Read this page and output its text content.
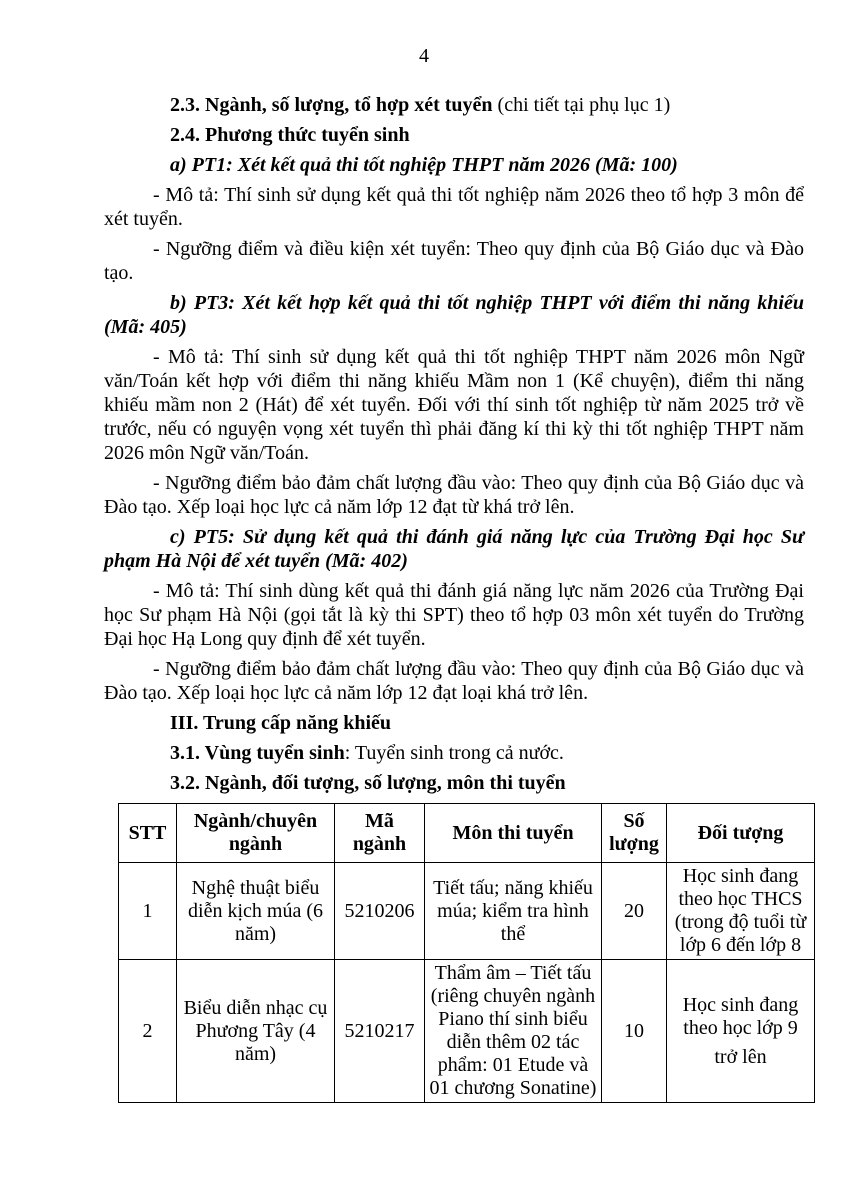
4

2.3. Ngành, số lượng, tổ hợp xét tuyển (chi tiết tại phụ lục 1)

2.4. Phương thức tuyển sinh

a) PT1: Xét kết quả thi tốt nghiệp THPT năm 2026 (Mã: 100)

- Mô tả: Thí sinh sử dụng kết quả thi tốt nghiệp năm 2026 theo tổ hợp 3 môn để xét tuyển.

- Ngưỡng điểm và điều kiện xét tuyển: Theo quy định của Bộ Giáo dục và Đào tạo.

b) PT3: Xét kết hợp kết quả thi tốt nghiệp THPT với điểm thi năng khiếu (Mã: 405)

- Mô tả: Thí sinh sử dụng kết quả thi tốt nghiệp THPT năm 2026 môn Ngữ văn/Toán kết hợp với điểm thi năng khiếu Mầm non 1 (Kể chuyện), điểm thi năng khiếu mầm non 2 (Hát) để xét tuyển. Đối với thí sinh tốt nghiệp từ năm 2025 trở về trước, nếu có nguyện vọng xét tuyển thì phải đăng kí thi kỳ thi tốt nghiệp THPT năm 2026 môn Ngữ văn/Toán.

- Ngưỡng điểm bảo đảm chất lượng đầu vào: Theo quy định của Bộ Giáo dục và Đào tạo. Xếp loại học lực cả năm lớp 12 đạt từ khá trở lên.

c) PT5: Sử dụng kết quả thi đánh giá năng lực của Trường Đại học Sư phạm Hà Nội để xét tuyển (Mã: 402)

- Mô tả: Thí sinh dùng kết quả thi đánh giá năng lực năm 2026 của Trường Đại học Sư phạm Hà Nội (gọi tắt là kỳ thi SPT) theo tổ hợp 03 môn xét tuyển do Trường Đại học Hạ Long quy định để xét tuyển.

- Ngưỡng điểm bảo đảm chất lượng đầu vào: Theo quy định của Bộ Giáo dục và Đào tạo. Xếp loại học lực cả năm lớp 12 đạt loại khá trở lên.

III. Trung cấp năng khiếu

3.1. Vùng tuyển sinh: Tuyển sinh trong cả nước.

3.2. Ngành, đối tượng, số lượng, môn thi tuyển

STT	Ngành/chuyên ngành	Mã ngành	Môn thi tuyển	Số lượng	Đối tượng
1	Nghệ thuật biểu diễn kịch múa (6 năm)	5210206	Tiết tấu; năng khiếu múa; kiểm tra hình thể	20	Học sinh đang theo học THCS (trong độ tuổi từ lớp 6 đến lớp 8
2	Biểu diễn nhạc cụ Phương Tây (4 năm)	5210217	Thẩm âm – Tiết tấu (riêng chuyên ngành Piano thí sinh biểu diễn thêm 02 tác phẩm: 01 Etude và 01 chương Sonatine)	10	Học sinh đang theo học lớp 9
trở lên
